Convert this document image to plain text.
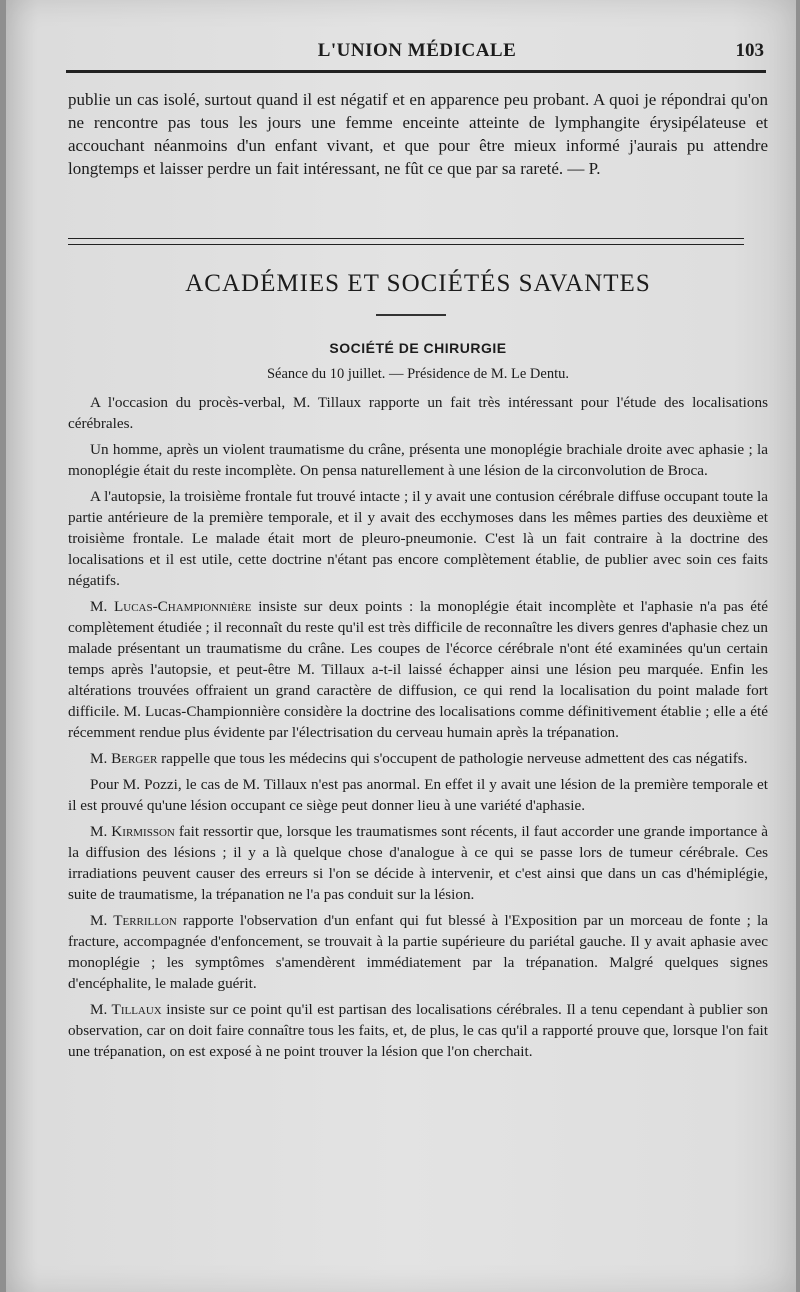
L'UNION MÉDICALE	103

publie un cas isolé, surtout quand il est négatif et en apparence peu probant. A quoi je répondrai qu'on ne rencontre pas tous les jours une femme enceinte atteinte de lymphangite érysipélateuse et accouchant néanmoins d'un enfant vivant, et que pour être mieux informé j'aurais pu attendre longtemps et laisser perdre un fait intéressant, ne fût ce que par sa rareté. — P.

ACADÉMIES ET SOCIÉTÉS SAVANTES
SOCIÉTÉ DE CHIRURGIE
Séance du 10 juillet. — Présidence de M. Le Dentu.

A l'occasion du procès-verbal, M. Tillaux rapporte un fait très intéressant pour l'étude des localisations cérébrales.

Un homme, après un violent traumatisme du crâne, présenta une monoplégie brachiale droite avec aphasie ; la monoplégie était du reste incomplète. On pensa naturellement à une lésion de la circonvolution de Broca.

A l'autopsie, la troisième frontale fut trouvé intacte ; il y avait une contusion cérébrale diffuse occupant toute la partie antérieure de la première temporale, et il y avait des ecchymoses dans les mêmes parties des deuxième et troisième frontale. Le malade était mort de pleuro-pneumonie. C'est là un fait contraire à la doctrine des localisations et il est utile, cette doctrine n'étant pas encore complètement établie, de publier avec soin ces faits négatifs.

M. Lucas-Championnière insiste sur deux points : la monoplégie était incomplète et l'aphasie n'a pas été complètement étudiée ; il reconnaît du reste qu'il est très difficile de reconnaître les divers genres d'aphasie chez un malade présentant un traumatisme du crâne. Les coupes de l'écorce cérébrale n'ont été examinées qu'un certain temps après l'autopsie, et peut-être M. Tillaux a-t-il laissé échapper ainsi une lésion peu marquée. Enfin les altérations trouvées offraient un grand caractère de diffusion, ce qui rend la localisation du point malade fort difficile. M. Lucas-Championnière considère la doctrine des localisations comme définitivement établie ; elle a été récemment rendue plus évidente par l'électrisation du cerveau humain après la trépanation.

M. Berger rappelle que tous les médecins qui s'occupent de pathologie nerveuse admettent des cas négatifs.

Pour M. Pozzi, le cas de M. Tillaux n'est pas anormal. En effet il y avait une lésion de la première temporale et il est prouvé qu'une lésion occupant ce siège peut donner lieu à une variété d'aphasie.

M. Kirmisson fait ressortir que, lorsque les traumatismes sont récents, il faut accorder une grande importance à la diffusion des lésions ; il y a là quelque chose d'analogue à ce qui se passe lors de tumeur cérébrale. Ces irradiations peuvent causer des erreurs si l'on se décide à intervenir, et c'est ainsi que dans un cas d'hémiplégie, suite de traumatisme, la trépanation ne l'a pas conduit sur la lésion.

M. Terrillon rapporte l'observation d'un enfant qui fut blessé à l'Exposition par un morceau de fonte ; la fracture, accompagnée d'enfoncement, se trouvait à la partie supérieure du pariétal gauche. Il y avait aphasie avec monoplégie ; les symptômes s'amendèrent immédiatement par la trépanation. Malgré quelques signes d'encéphalite, le malade guérit.

M. Tillaux insiste sur ce point qu'il est partisan des localisations cérébrales. Il a tenu cependant à publier son observation, car on doit faire connaître tous les faits, et, de plus, le cas qu'il a rapporté prouve que, lorsque l'on fait une trépanation, on est exposé à ne point trouver la lésion que l'on cherchait.
